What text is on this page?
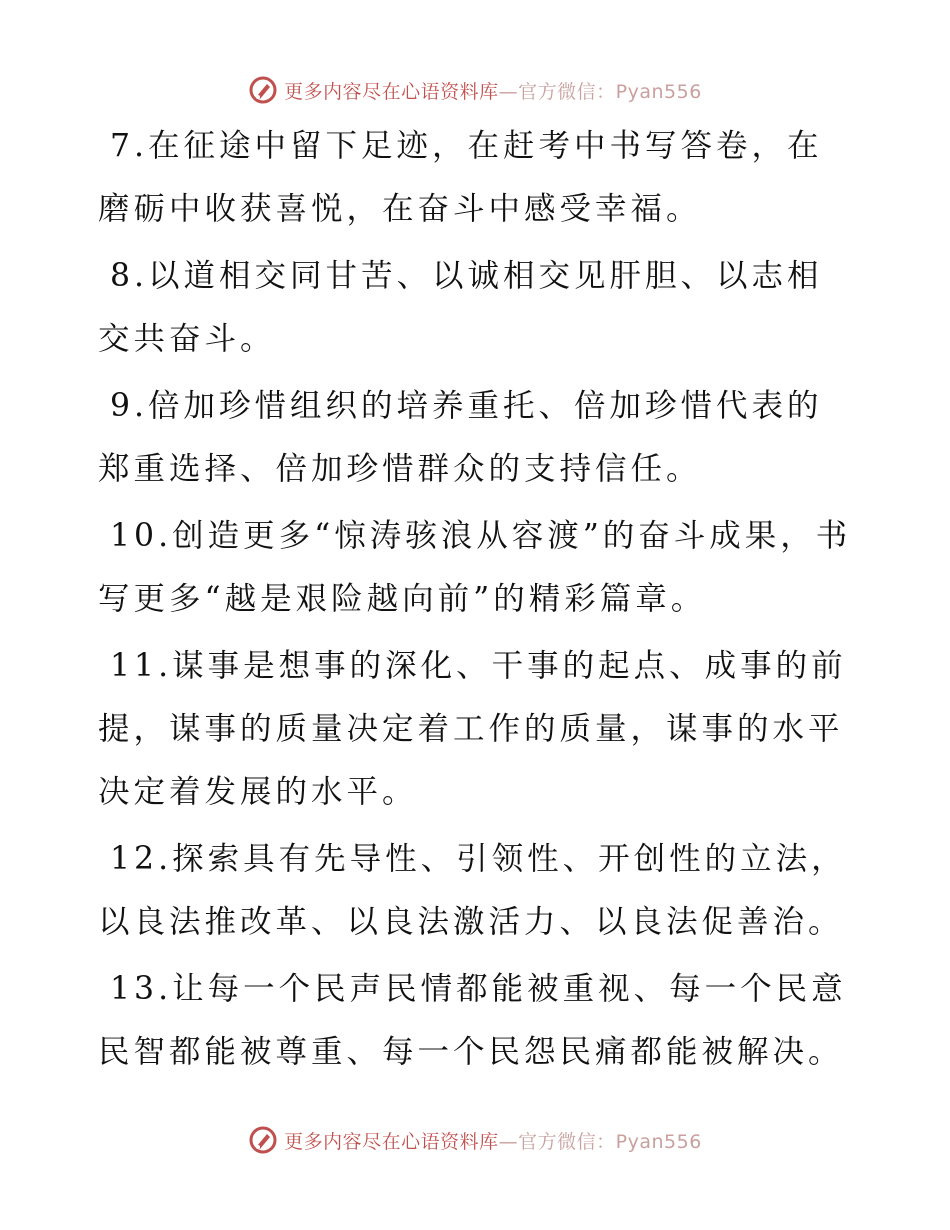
更多内容尽在心语资料库—官方微信：Pyan556

7.在征途中留下足迹，在赶考中书写答卷，在磨砺中收获喜悦，在奋斗中感受幸福。

8.以道相交同甘苦、以诚相交见肝胆、以志相交共奋斗。

9.倍加珍惜组织的培养重托、倍加珍惜代表的郑重选择、倍加珍惜群众的支持信任。

10.创造更多“惊涛骇浪从容渡”的奋斗成果，书写更多“越是艰险越向前”的精彩篇章。

11.谋事是想事的深化、干事的起点、成事的前提，谋事的质量决定着工作的质量，谋事的水平决定着发展的水平。

12.探索具有先导性、引领性、开创性的立法，以良法推改革、以良法激活力、以良法促善治。

13.让每一个民声民情都能被重视、每一个民意民智都能被尊重、每一个民怨民痛都能被解决。

更多内容尽在心语资料库—官方微信：Pyan556
